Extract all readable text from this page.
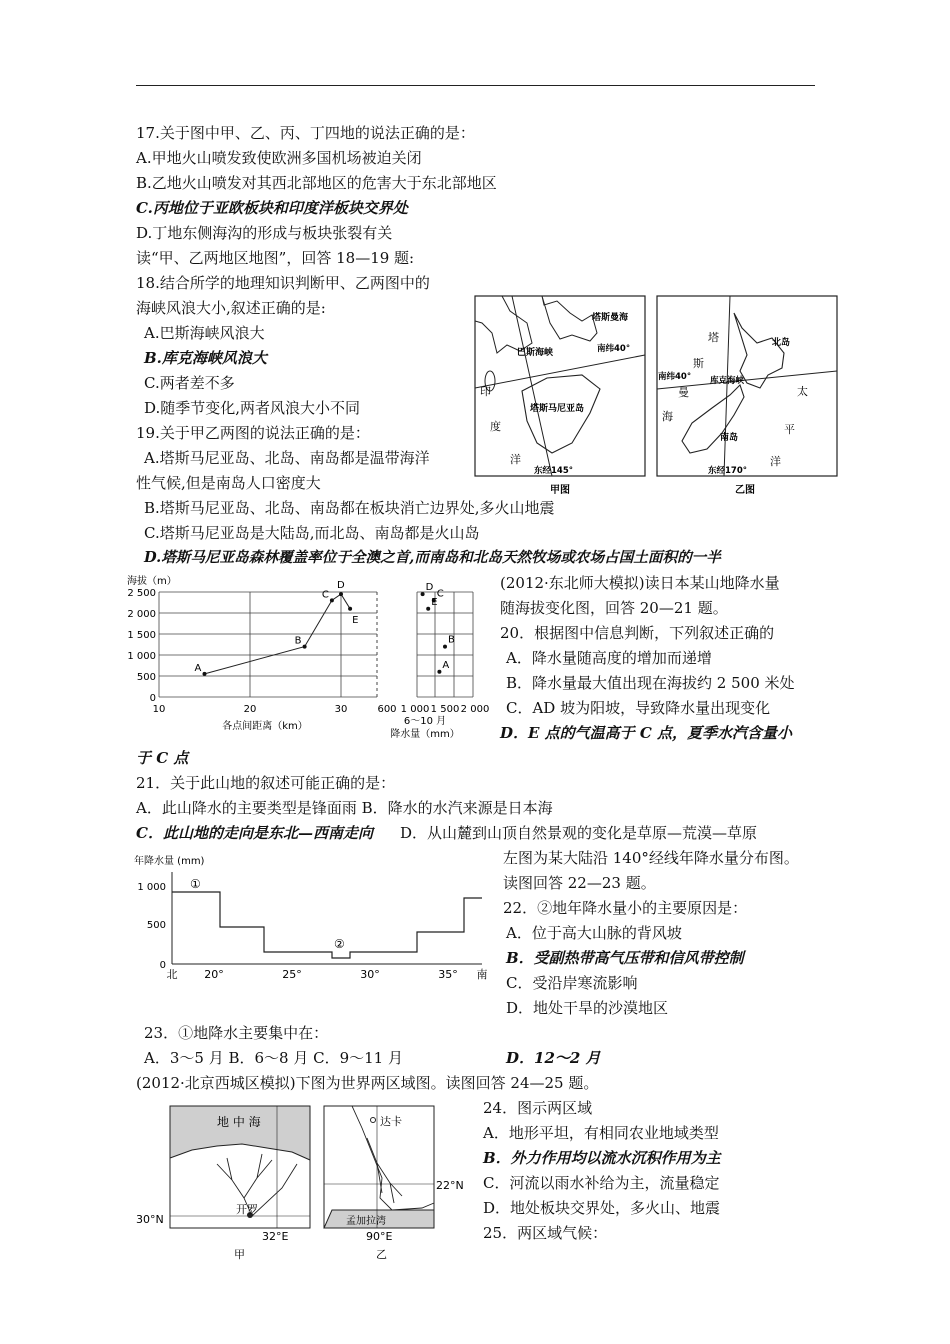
17.关于图中甲、乙、丙、丁四地的说法正确的是：
A.甲地火山喷发致使欧洲多国机场被迫关闭
B.乙地火山喷发对其西北部地区的危害大于东北部地区
C.丙地位于亚欧板块和印度洋板块交界处
D.丁地东侧海沟的形成与板块张裂有关
读“甲、乙两地区地图”，回答 18—19 题:
18.结合所学的地理知识判断甲、乙两图中的
海峡风浪大小,叙述正确的是:
A.巴斯海峡风浪大
B.库克海峡风浪大
C.两者差不多
D.随季节变化,两者风浪大小不同
19.关于甲乙两图的说法正确的是：
A.塔斯马尼亚岛、北岛、南岛都是温带海洋
性气候,但是南岛人口密度大
B.塔斯马尼亚岛、北岛、南岛都在板块消亡边界处,多火山地震
C.塔斯马尼亚岛是大陆岛,而北岛、南岛都是火山岛
D.塔斯马尼亚岛森林覆盖率位于全澳之首,而南岛和北岛天然牧场或农场占国土面积的一半
塔斯曼海
巴斯海峡	南纬40°
印
度
洋
塔斯马尼亚岛
东经145°
甲图
塔
斯
曼
海
北岛
南纬40° 库克海峡
太
平
洋
南岛
东经170°
乙图
海拔（m）
2 500
2 000
1 500
1 000
500
0
10	20	30	600 1 000 1 500 2 000
各点间距离（km）	6～10 月
降水量（mm）
A
B
C
D
E
D
C
E
B
A
(2012·东北师大模拟)读日本某山地降水量
随海拔变化图，回答 20—21 题。
20．根据图中信息判断，下列叙述正确的
A．降水量随高度的增加而递增
B．降水量最大值出现在海拔约 2 500 米处
C．AD 坡为阳坡，导致降水量出现变化
D．E 点的气温高于 C 点，夏季水汽含量小
于 C 点
21．关于此山地的叙述可能正确的是：
A．此山降水的主要类型是锋面雨 B．降水的水汽来源是日本海
C．此山地的走向是东北—西南走向 D．从山麓到山顶自然景观的变化是草原—荒漠—草原
年降水量 (mm)
1 000
500
0
北 20°	25°	30°	35° 南
①
②
左图为某大陆沿 140°经线年降水量分布图。
读图回答 22—23 题。
22．②地年降水量小的主要原因是：
A．位于高大山脉的背风坡
B．受副热带高气压带和信风带控制
C．受沿岸寒流影响
D．地处干旱的沙漠地区
23．①地降水主要集中在：
A．3～5 月 B．6～8 月 C．9～11 月	D．12～2 月
(2012·北京西城区模拟)下图为世界两区域图。读图回答 24—25 题。
地 中 海
开罗
30°N
32°E
甲
达卡
22°N
孟加拉湾
90°E
乙
24．图示两区域
A．地形平坦，有相同农业地域类型
B．外力作用均以流水沉积作用为主
C．河流以雨水补给为主，流量稳定
D．地处板块交界处，多火山、地震
25．两区域气候：
